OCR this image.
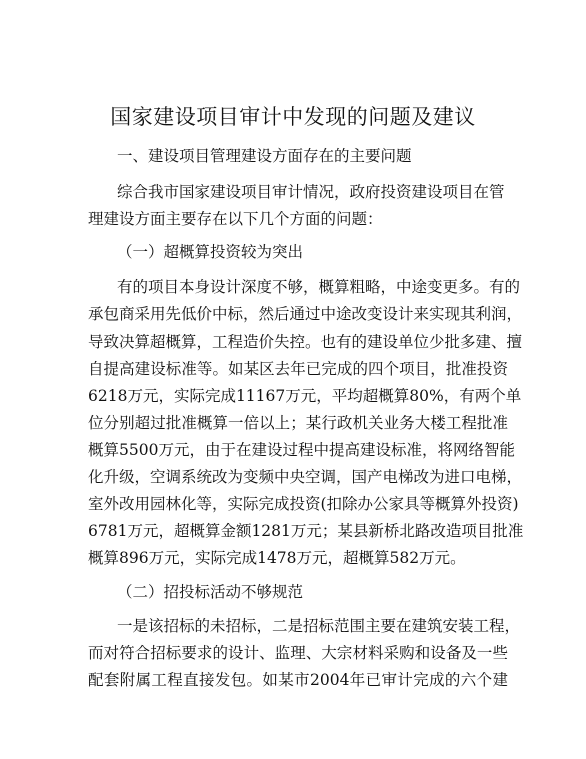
国家建设项目审计中发现的问题及建议
一、建设项目管理建设方面存在的主要问题
综合我市国家建设项目审计情况，政府投资建设项目在管
理建设方面主要存在以下几个方面的问题：
（一）超概算投资较为突出
有的项目本身设计深度不够，概算粗略，中途变更多。有的
承包商采用先低价中标，然后通过中途改变设计来实现其利润，
导致决算超概算，工程造价失控。也有的建设单位少批多建、擅
自提高建设标准等。如某区去年已完成的四个项目，批准投资
6218万元，实际完成11167万元，平均超概算80%，有两个单
位分别超过批准概算一倍以上；某行政机关业务大楼工程批准
概算5500万元，由于在建设过程中提高建设标准，将网络智能
化升级，空调系统改为变频中央空调，国产电梯改为进口电梯，
室外改用园林化等，实际完成投资(扣除办公家具等概算外投资)
6781万元，超概算金额1281万元；某县新桥北路改造项目批准
概算896万元，实际完成1478万元，超概算582万元。
（二）招投标活动不够规范
一是该招标的未招标，二是招标范围主要在建筑安装工程，
而对符合招标要求的设计、监理、大宗材料采购和设备及一些
配套附属工程直接发包。如某市2004年已审计完成的六个建
